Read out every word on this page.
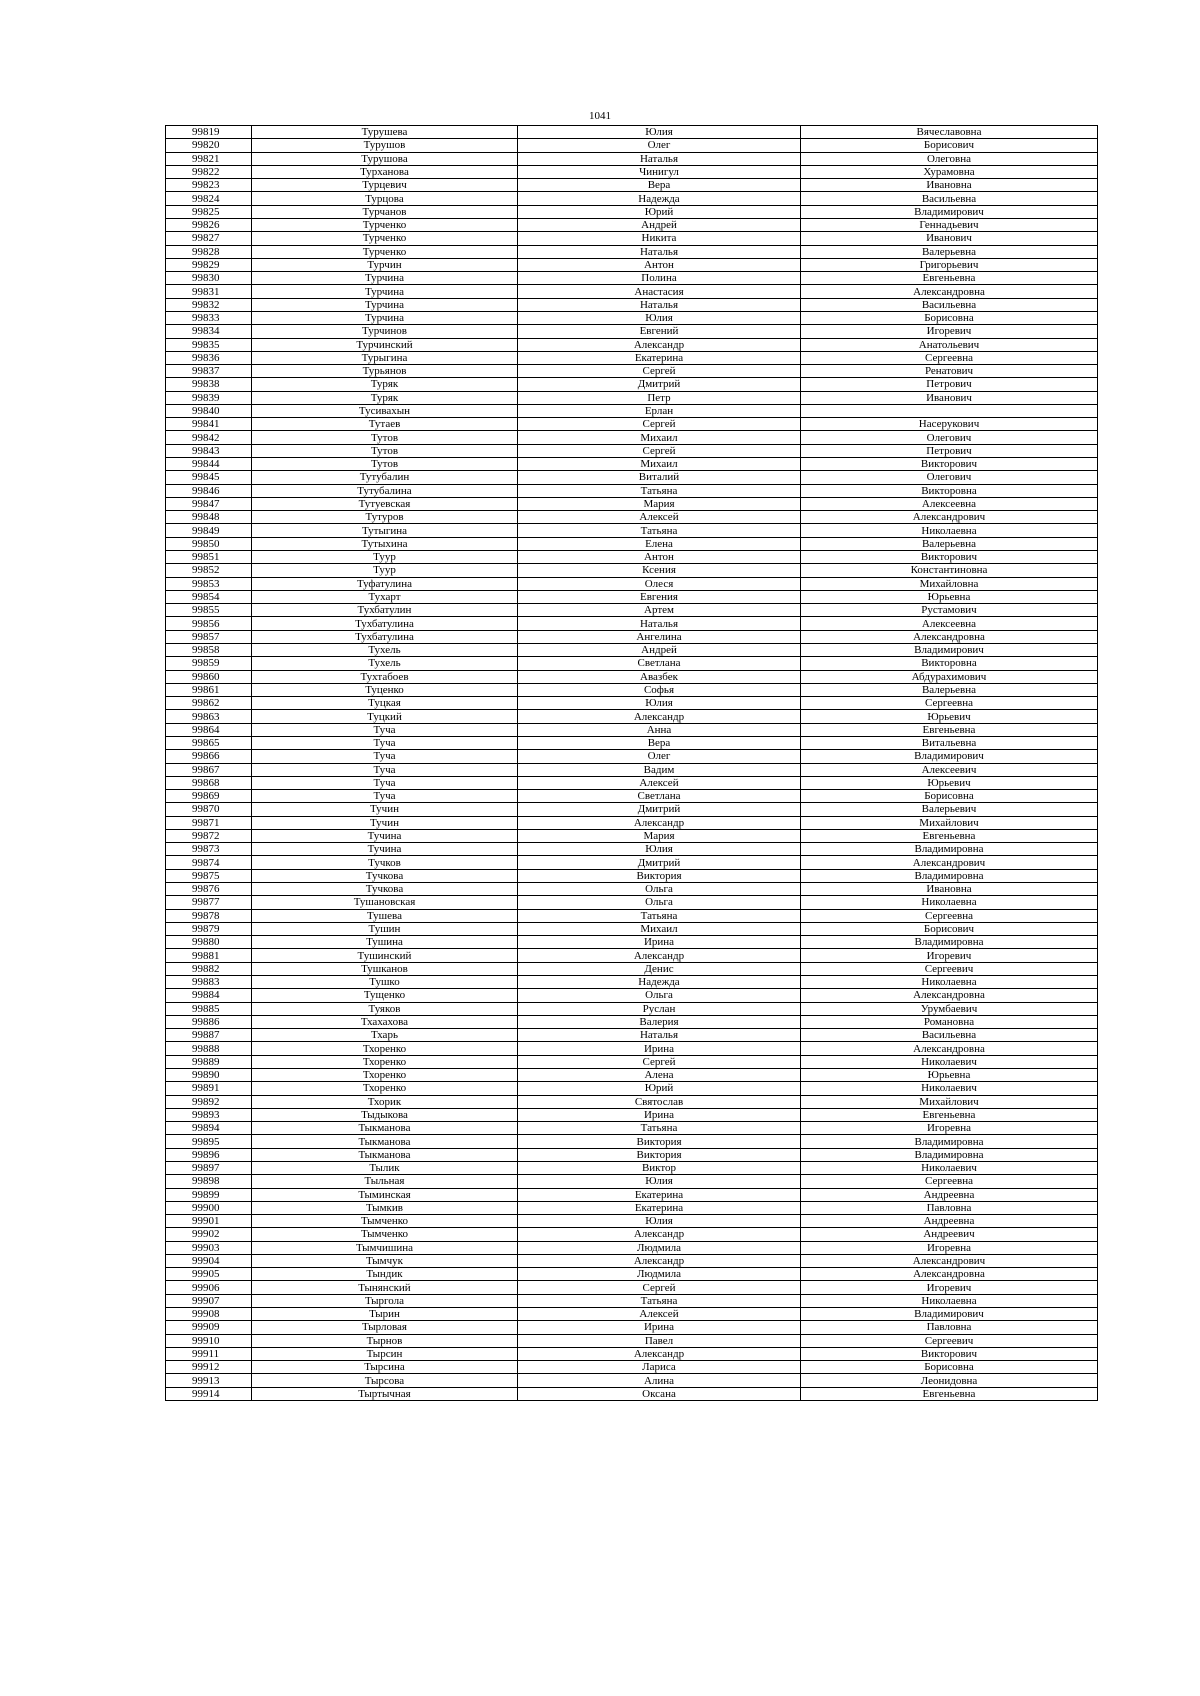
1041
99819	Турушева	Юлия	Вячеславовна
99820	Турушов	Олег	Борисович
99821	Турушова	Наталья	Олеговна
99822	Турханова	Чинигул	Хурамовна
99823	Турцевич	Вера	Ивановна
99824	Турцова	Надежда	Васильевна
99825	Турчанов	Юрий	Владимирович
99826	Турченко	Андрей	Геннадьевич
99827	Турченко	Никита	Иванович
99828	Турченко	Наталья	Валерьевна
99829	Турчин	Антон	Григорьевич
99830	Турчина	Полина	Евгеньевна
99831	Турчина	Анастасия	Александровна
99832	Турчина	Наталья	Васильевна
99833	Турчина	Юлия	Борисовна
99834	Турчинов	Евгений	Игоревич
99835	Турчинский	Александр	Анатольевич
99836	Турыгина	Екатерина	Сергеевна
99837	Турьянов	Сергей	Ренатович
99838	Туряк	Дмитрий	Петрович
99839	Туряк	Петр	Иванович
99840	Тусивахын	Ерлан	
99841	Тутаев	Сергей	Насерукович
99842	Тутов	Михаил	Олегович
99843	Тутов	Сергей	Петрович
99844	Тутов	Михаил	Викторович
99845	Тутубалин	Виталий	Олегович
99846	Тутубалина	Татьяна	Викторовна
99847	Тутуевская	Мария	Алексеевна
99848	Тутуров	Алексей	Александрович
99849	Тутыгина	Татьяна	Николаевна
99850	Тутыхина	Елена	Валерьевна
99851	Туур	Антон	Викторович
99852	Туур	Ксения	Константиновна
99853	Туфатулина	Олеся	Михайловна
99854	Тухарт	Евгения	Юрьевна
99855	Тухбатулин	Артем	Рустамович
99856	Тухбатулина	Наталья	Алексеевна
99857	Тухбатулина	Ангелина	Александровна
99858	Тухель	Андрей	Владимирович
99859	Тухель	Светлана	Викторовна
99860	Тухтабоев	Авазбек	Абдурахимович
99861	Туценко	Софья	Валерьевна
99862	Туцкая	Юлия	Сергеевна
99863	Туцкий	Александр	Юрьевич
99864	Туча	Анна	Евгеньевна
99865	Туча	Вера	Витальевна
99866	Туча	Олег	Владимирович
99867	Туча	Вадим	Алексеевич
99868	Туча	Алексей	Юрьевич
99869	Туча	Светлана	Борисовна
99870	Тучин	Дмитрий	Валерьевич
99871	Тучин	Александр	Михайлович
99872	Тучина	Мария	Евгеньевна
99873	Тучина	Юлия	Владимировна
99874	Тучков	Дмитрий	Александрович
99875	Тучкова	Виктория	Владимировна
99876	Тучкова	Ольга	Ивановна
99877	Тушановская	Ольга	Николаевна
99878	Тушева	Татьяна	Сергеевна
99879	Тушин	Михаил	Борисович
99880	Тушина	Ирина	Владимировна
99881	Тушинский	Александр	Игоревич
99882	Тушканов	Денис	Сергеевич
99883	Тушко	Надежда	Николаевна
99884	Тущенко	Ольга	Александровна
99885	Туяков	Руслан	Урумбаевич
99886	Тхахахова	Валерия	Романовна
99887	Тхарь	Наталья	Васильевна
99888	Тхоренко	Ирина	Александровна
99889	Тхоренко	Сергей	Николаевич
99890	Тхоренко	Алена	Юрьевна
99891	Тхоренко	Юрий	Николаевич
99892	Тхорик	Святослав	Михайлович
99893	Тыдыкова	Ирина	Евгеньевна
99894	Тыкманова	Татьяна	Игоревна
99895	Тыкманова	Виктория	Владимировна
99896	Тыкманова	Виктория	Владимировна
99897	Тылик	Виктор	Николаевич
99898	Тыльная	Юлия	Сергеевна
99899	Тыминская	Екатерина	Андреевна
99900	Тымкив	Екатерина	Павловна
99901	Тымченко	Юлия	Андреевна
99902	Тымченко	Александр	Андреевич
99903	Тымчишина	Людмила	Игоревна
99904	Тымчук	Александр	Александрович
99905	Тындик	Людмила	Александровна
99906	Тынянский	Сергей	Игоревич
99907	Тыргола	Татьяна	Николаевна
99908	Тырин	Алексей	Владимирович
99909	Тырловая	Ирина	Павловна
99910	Тырнов	Павел	Сергеевич
99911	Тырсин	Александр	Викторович
99912	Тырсина	Лариса	Борисовна
99913	Тырсова	Алина	Леонидовна
99914	Тыртычная	Оксана	Евгеньевна
